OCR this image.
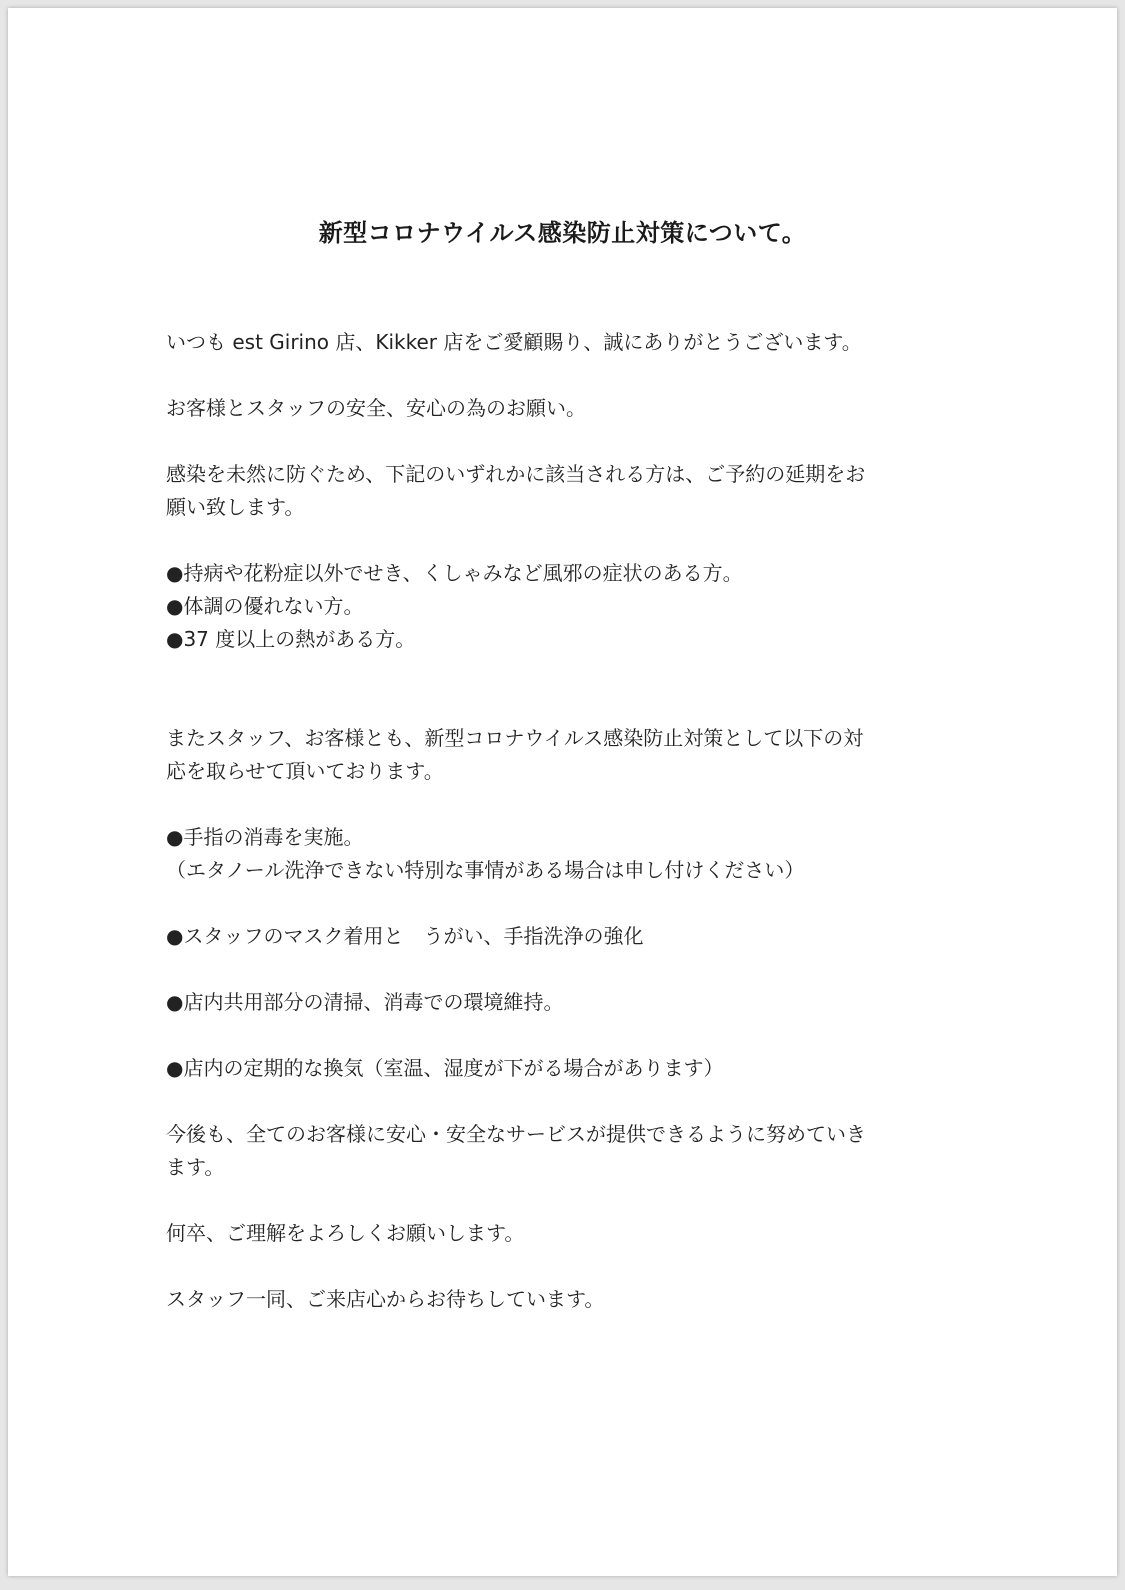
新型コロナウイルス感染防止対策について。

いつも est Girino 店、Kikker 店をご愛顧賜り、誠にありがとうございます。

お客様とスタッフの安全、安心の為のお願い。

感染を未然に防ぐため、下記のいずれかに該当される方は、ご予約の延期をお

願い致します。

●持病や花粉症以外でせき、くしゃみなど風邪の症状のある方。

●体調の優れない方。

●37 度以上の熱がある方。

またスタッフ、お客様とも、新型コロナウイルス感染防止対策として以下の対

応を取らせて頂いております。

●手指の消毒を実施。

（エタノール洗浄できない特別な事情がある場合は申し付けください）

●スタッフのマスク着用と　うがい、手指洗浄の強化

●店内共用部分の清掃、消毒での環境維持。

●店内の定期的な換気（室温、湿度が下がる場合があります）

今後も、全てのお客様に安心・安全なサービスが提供できるように努めていき

ます。

何卒、ご理解をよろしくお願いします。

スタッフ一同、ご来店心からお待ちしています。
